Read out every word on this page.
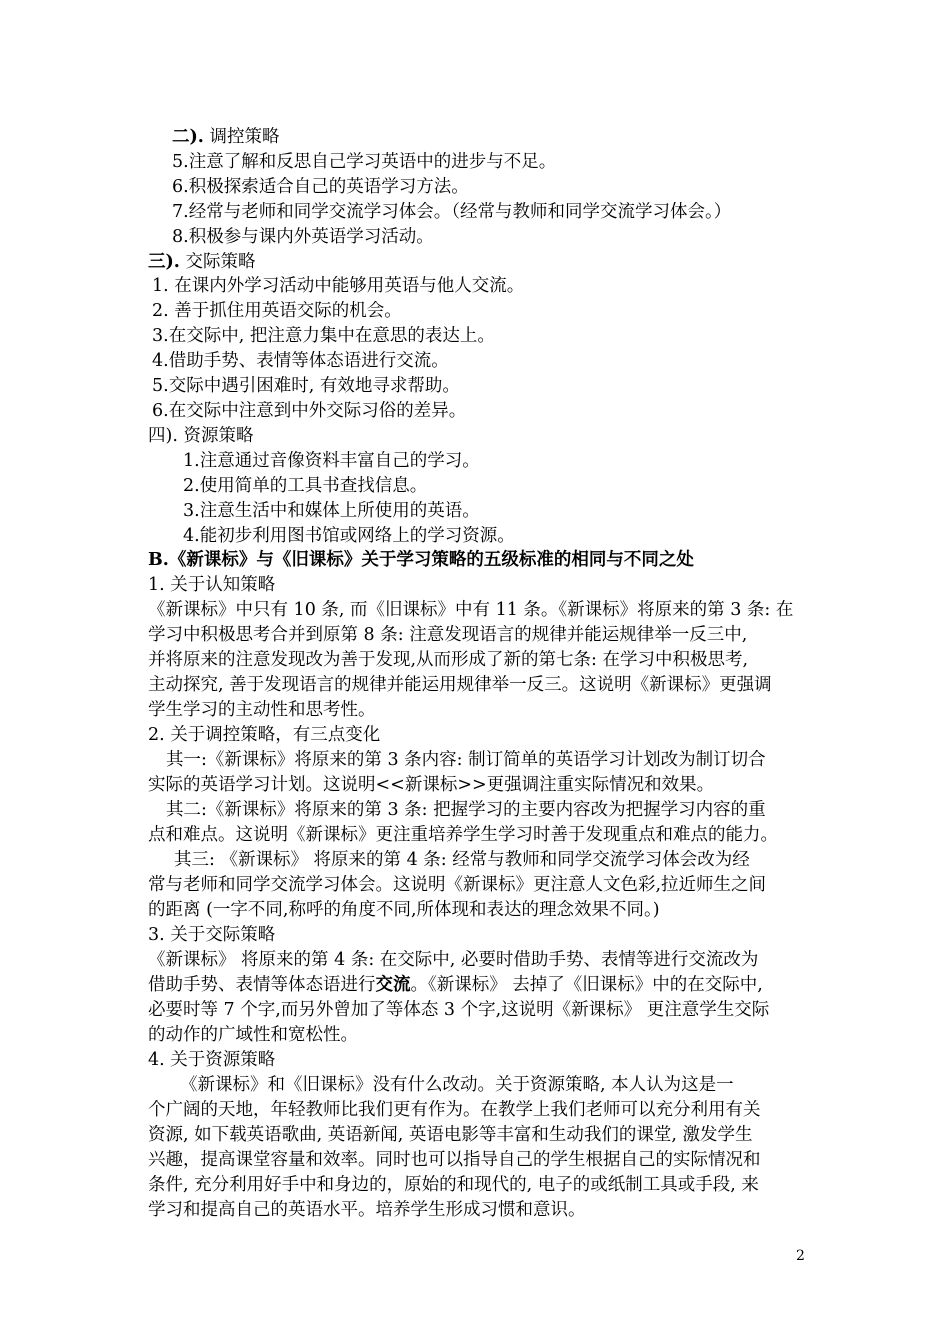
二). 调控策略

5.注意了解和反思自己学习英语中的进步与不足。

6.积极探索适合自己的英语学习方法。

7.经常与老师和同学交流学习体会。（经常与教师和同学交流学习体会。）

8.积极参与课内外英语学习活动。

三). 交际策略

1. 在课内外学习活动中能够用英语与他人交流。

2. 善于抓住用英语交际的机会。

3.在交际中, 把注意力集中在意思的表达上。

4.借助手势、表情等体态语进行交流。

5.交际中遇引困难时, 有效地寻求帮助。

6.在交际中注意到中外交际习俗的差异。

四). 资源策略

1.注意通过音像资料丰富自己的学习。

2.使用简单的工具书查找信息。

3.注意生活中和媒体上所使用的英语。

4.能初步利用图书馆或网络上的学习资源。

B.《新课标》与《旧课标》关于学习策略的五级标准的相同与不同之处

1. 关于认知策略

《新课标》中只有 10 条, 而《旧课标》中有 11 条。《新课标》将原来的第 3 条: 在

学习中积极思考合并到原第 8 条: 注意发现语言的规律并能运规律举一反三中,

并将原来的注意发现改为善于发现,从而形成了新的第七条: 在学习中积极思考,

主动探究, 善于发现语言的规律并能运用规律举一反三。这说明《新课标》更强调

学生学习的主动性和思考性。

2. 关于调控策略，有三点变化

其一:《新课标》将原来的第 3 条内容: 制订简单的英语学习计划改为制订切合

实际的英语学习计划。这说明<<新课标>>更强调注重实际情况和效果。

其二:《新课标》将原来的第 3 条: 把握学习的主要内容改为把握学习内容的重

点和难点。这说明《新课标》更注重培养学生学习时善于发现重点和难点的能力。

其三: 《新课标》 将原来的第 4 条: 经常与教师和同学交流学习体会改为经

常与老师和同学交流学习体会。这说明《新课标》更注意人文色彩,拉近师生之间

的距离 (一字不同,称呼的角度不同,所体现和表达的理念效果不同。)

3. 关于交际策略

《新课标》 将原来的第 4 条: 在交际中, 必要时借助手势、表情等进行交流改为

借助手势、表情等体态语进行交流。《新课标》 去掉了《旧课标》中的在交际中,

必要时等 7 个字,而另外曾加了等体态 3 个字,这说明《新课标》 更注意学生交际

的动作的广域性和宽松性。

4. 关于资源策略

《新课标》和《旧课标》没有什么改动。关于资源策略, 本人认为这是一

个广阔的天地，年轻教师比我们更有作为。在教学上我们老师可以充分利用有关

资源, 如下载英语歌曲, 英语新闻, 英语电影等丰富和生动我们的课堂, 激发学生

兴趣，提高课堂容量和效率。同时也可以指导自己的学生根据自己的实际情况和

条件, 充分利用好手中和身边的，原始的和现代的, 电子的或纸制工具或手段, 来

学习和提高自己的英语水平。培养学生形成习惯和意识。

2
